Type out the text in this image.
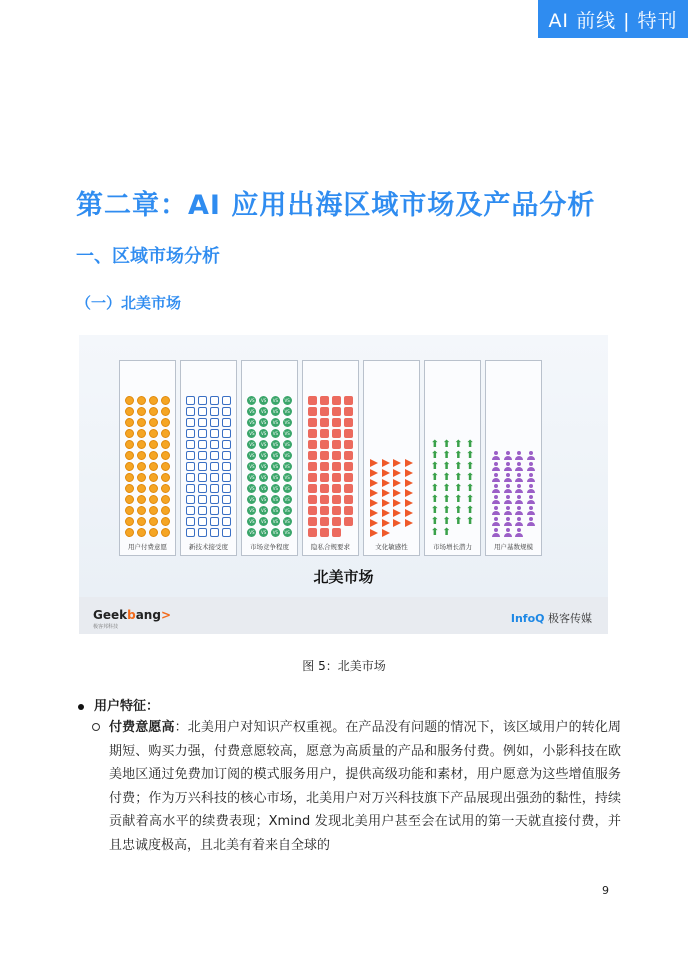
AI 前线 | 特刊
第二章：AI 应用出海区域市场及产品分析
一、区域市场分析
（一）北美市场
用户付费意愿	新技术接受度
VS	VS	VS	VS
VS	VS	VS	VS
VS	VS	VS	VS
VS	VS	VS	VS
VS	VS	VS	VS
VS	VS	VS	VS
VS	VS	VS	VS
VS	VS	VS	VS
VS	VS	VS	VS
VS	VS	VS	VS
VS	VS	VS	VS
VS	VS	VS	VS
VS	VS	VS	VS
市场竞争程度	隐私合规要求	文化敏感性
⬆ ⬆ ⬆ ⬆
⬆ ⬆ ⬆ ⬆
⬆ ⬆ ⬆ ⬆
⬆ ⬆ ⬆ ⬆
⬆ ⬆ ⬆ ⬆
⬆ ⬆ ⬆ ⬆
⬆ ⬆ ⬆ ⬆
⬆ ⬆ ⬆ ⬆
⬆ ⬆
市场增长潜力	用户基数规模
北美市场
Geekbang>
极客邦科技
InfoQ 极客传媒
图 5：北美市场
用户特征：
付费意愿高：北美用户对知识产权重视。在产品没有问题的情况下，该区域用户的转化周期短、购买力强，付费意愿较高，愿意为高质量的产品和服务付费。例如，小影科技在欧美地区通过免费加订阅的模式服务用户，提供高级功能和素材，用户愿意为这些增值服务付费；作为万兴科技的核心市场，北美用户对万兴科技旗下产品展现出强劲的黏性，持续贡献着高水平的续费表现；Xmind 发现北美用户甚至会在试用的第一天就直接付费，并且忠诚度极高，且北美有着来自全球的
9
